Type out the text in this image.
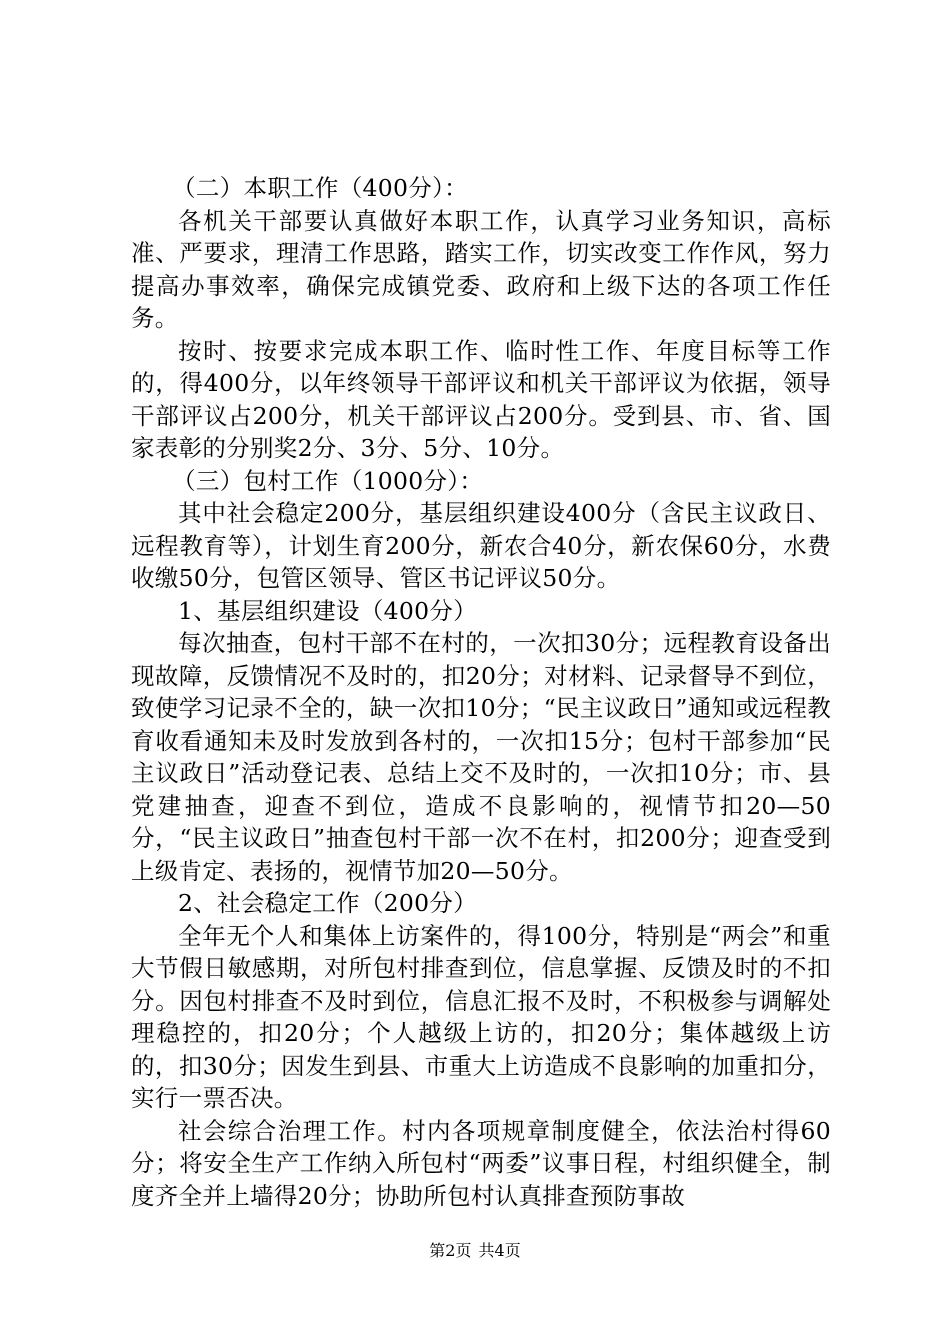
（二）本职工作（400分）：

各机关干部要认真做好本职工作，认真学习业务知识，高标准、严要求，理清工作思路，踏实工作，切实改变工作作风，努力提高办事效率，确保完成镇党委、政府和上级下达的各项工作任务。

按时、按要求完成本职工作、临时性工作、年度目标等工作的，得400分，以年终领导干部评议和机关干部评议为依据，领导干部评议占200分，机关干部评议占200分。受到县、市、省、国家表彰的分别奖2分、3分、5分、10分。

（三）包村工作（1000分）：

其中社会稳定200分，基层组织建设400分（含民主议政日、远程教育等），计划生育200分，新农合40分，新农保60分，水费收缴50分，包管区领导、管区书记评议50分。

1、基层组织建设（400分）

每次抽查，包村干部不在村的，一次扣30分；远程教育设备出现故障，反馈情况不及时的，扣20分；对材料、记录督导不到位，致使学习记录不全的，缺一次扣10分；“民主议政日”通知或远程教育收看通知未及时发放到各村的，一次扣15分；包村干部参加“民主议政日”活动登记表、总结上交不及时的，一次扣10分；市、县党建抽查，迎查不到位，造成不良影响的，视情节扣20—50分，“民主议政日”抽查包村干部一次不在村，扣200分；迎查受到上级肯定、表扬的，视情节加20—50分。

2、社会稳定工作（200分）

全年无个人和集体上访案件的，得100分，特别是“两会”和重大节假日敏感期，对所包村排查到位，信息掌握、反馈及时的不扣分。因包村排查不及时到位，信息汇报不及时，不积极参与调解处理稳控的，扣20分；个人越级上访的，扣20分；集体越级上访的，扣30分；因发生到县、市重大上访造成不良影响的加重扣分，实行一票否决。

社会综合治理工作。村内各项规章制度健全，依法治村得60分；将安全生产工作纳入所包村“两委”议事日程，村组织健全，制度齐全并上墙得20分；协助所包村认真排查预防事故

第2页 共4页
